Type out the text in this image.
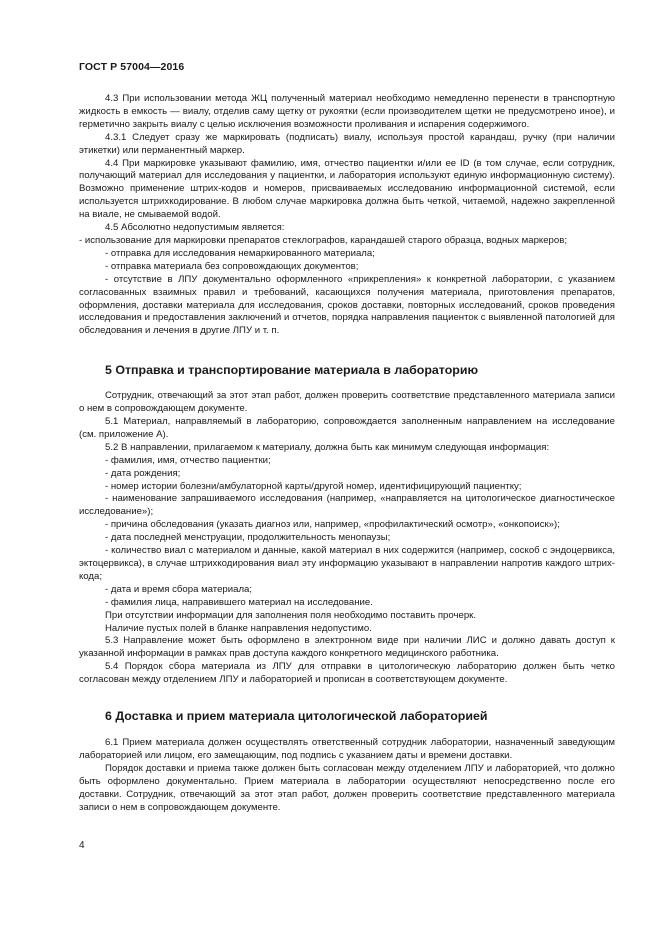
ГОСТ Р 57004—2016

4.3 При использовании метода ЖЦ полученный материал необходимо немедленно перенести в транспортную жидкость в емкость — виалу, отделив саму щетку от рукоятки (если производителем щетки не предусмотрено иное), и герметично закрыть виалу с целью исключения возможности проливания и испарения содержимого.

4.3.1 Следует сразу же маркировать (подписать) виалу, используя простой карандаш, ручку (при наличии этикетки) или перманентный маркер.

4.4 При маркировке указывают фамилию, имя, отчество пациентки и/или ее ID (в том случае, если сотрудник, получающий материал для исследования у пациентки, и лаборатория используют единую информационную систему). Возможно применение штрих-кодов и номеров, присваиваемых исследованию информационной системой, если используется штрихкодирование. В любом случае маркировка должна быть четкой, читаемой, надежно закрепленной на виале, не смываемой водой.

4.5 Абсолютно недопустимым является:

- использование для маркировки препаратов стеклографов, карандашей старого образца, водных маркеров;

- отправка для исследования немаркированного материала;

- отправка материала без сопровождающих документов;

- отсутствие в ЛПУ документально оформленного «прикрепления» к конкретной лаборатории, с указанием согласованных взаимных правил и требований, касающихся получения материала, приготовления препаратов, оформления, доставки материала для исследования, сроков доставки, повторных исследований, сроков проведения исследования и предоставления заключений и отчетов, порядка направления пациенток с выявленной патологией для обследования и лечения в другие ЛПУ и т. п.

5 Отправка и транспортирование материала в лабораторию

Сотрудник, отвечающий за этот этап работ, должен проверить соответствие представленного материала записи о нем в сопровождающем документе.

5.1 Материал, направляемый в лабораторию, сопровождается заполненным направлением на исследование (см. приложение А).

5.2 В направлении, прилагаемом к материалу, должна быть как минимум следующая информация:

- фамилия, имя, отчество пациентки;

- дата рождения;

- номер истории болезни/амбулаторной карты/другой номер, идентифицирующий пациентку;

- наименование запрашиваемого исследования (например, «направляется на цитологическое диагностическое исследование»);

- причина обследования (указать диагноз или, например, «профилактический осмотр», «онкопоиск»);

- дата последней менструации, продолжительность менопаузы;

- количество виал с материалом и данные, какой материал в них содержится (например, соскоб с эндоцервикса, эктоцервикса), в случае штрихкодирования виал эту информацию указывают в направлении напротив каждого штрих-кода;

- дата и время сбора материала;

- фамилия лица, направившего материал на исследование.

При отсутствии информации для заполнения поля необходимо поставить прочерк.

Наличие пустых полей в бланке направления недопустимо.

5.3 Направление может быть оформлено в электронном виде при наличии ЛИС и должно давать доступ к указанной информации в рамках прав доступа каждого конкретного медицинского работника.

5.4 Порядок сбора материала из ЛПУ для отправки в цитологическую лабораторию должен быть четко согласован между отделением ЛПУ и лабораторией и прописан в соответствующем документе.

6 Доставка и прием материала цитологической лабораторией

6.1 Прием материала должен осуществлять ответственный сотрудник лаборатории, назначенный заведующим лабораторией или лицом, его замещающим, под подпись с указанием даты и времени доставки.

Порядок доставки и приема также должен быть согласован между отделением ЛПУ и лабораторией, что должно быть оформлено документально. Прием материала в лаборатории осуществляют непосредственно после его доставки. Сотрудник, отвечающий за этот этап работ, должен проверить соответствие представленного материала записи о нем в сопровождающем документе.

4
